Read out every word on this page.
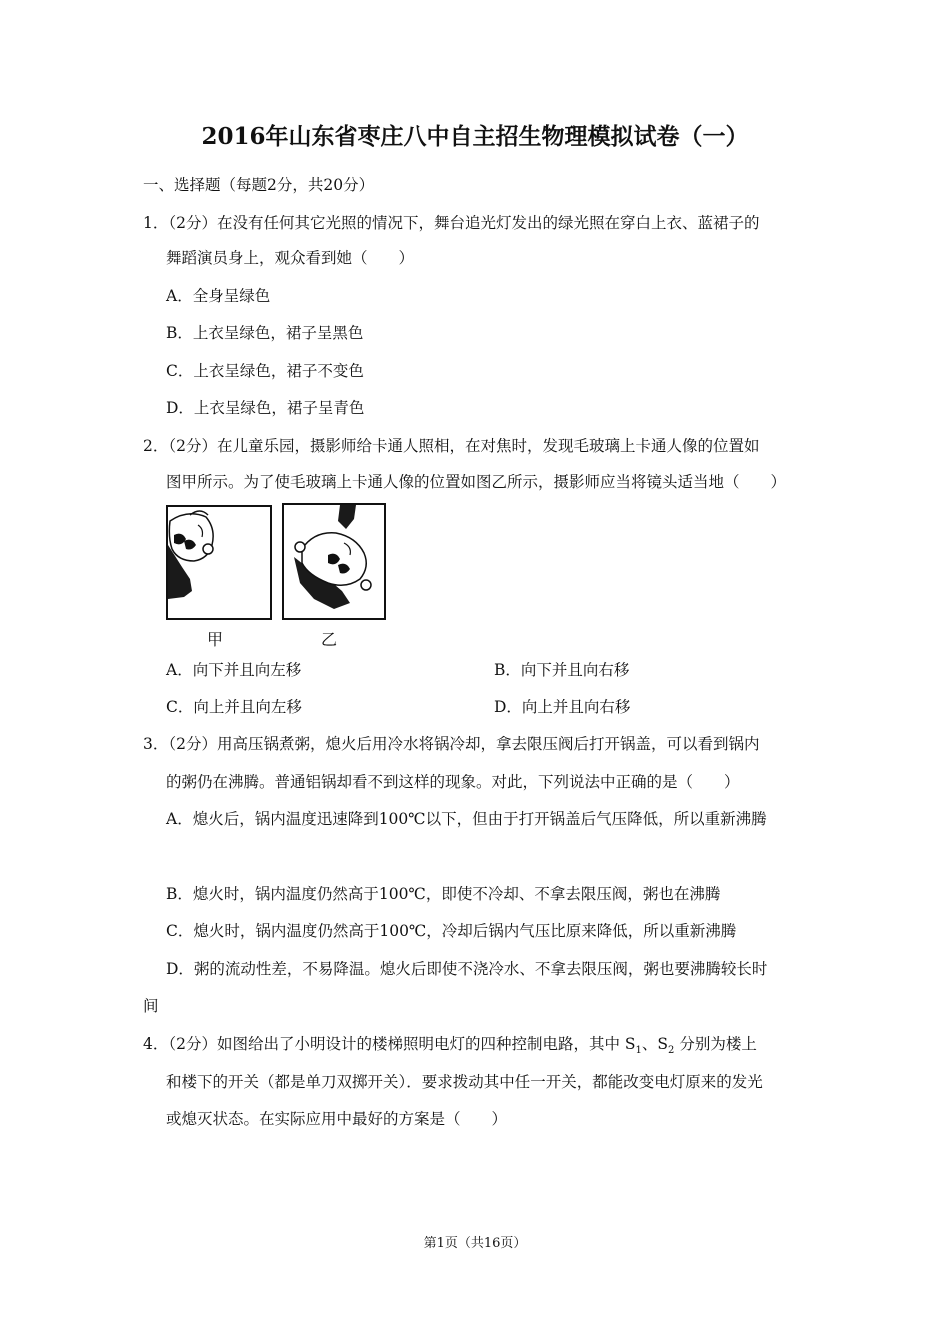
2016年山东省枣庄八中自主招生物理模拟试卷（一）
一、选择题（每题2分，共20分）
1．（2分）在没有任何其它光照的情况下，舞台追光灯发出的绿光照在穿白上衣、蓝裙子的
舞蹈演员身上，观众看到她（　　）
A．全身呈绿色
B．上衣呈绿色，裙子呈黑色
C．上衣呈绿色，裙子不变色
D．上衣呈绿色，裙子呈青色
2．（2分）在儿童乐园，摄影师给卡通人照相，在对焦时，发现毛玻璃上卡通人像的位置如
图甲所示。为了使毛玻璃上卡通人像的位置如图乙所示，摄影师应当将镜头适当地（　　）
甲	乙
A．向下并且向左移	B．向下并且向右移
C．向上并且向左移	D．向上并且向右移
3．（2分）用高压锅煮粥，熄火后用冷水将锅冷却，拿去限压阀后打开锅盖，可以看到锅内
的粥仍在沸腾。普通铝锅却看不到这样的现象。对此，下列说法中正确的是（　　）
A．熄火后，锅内温度迅速降到100℃以下，但由于打开锅盖后气压降低，所以重新沸腾
B．熄火时，锅内温度仍然高于100℃，即使不冷却、不拿去限压阀，粥也在沸腾
C．熄火时，锅内温度仍然高于100℃，冷却后锅内气压比原来降低，所以重新沸腾
D．粥的流动性差，不易降温。熄火后即使不浇冷水、不拿去限压阀，粥也要沸腾较长时
间
4．（2分）如图给出了小明设计的楼梯照明电灯的四种控制电路，其中 $S_1$、$S_2$ 分别为楼上
和楼下的开关（都是单刀双掷开关）．要求拨动其中任一开关，都能改变电灯原来的发光
或熄灭状态。在实际应用中最好的方案是（　　）
第1页（共16页）
